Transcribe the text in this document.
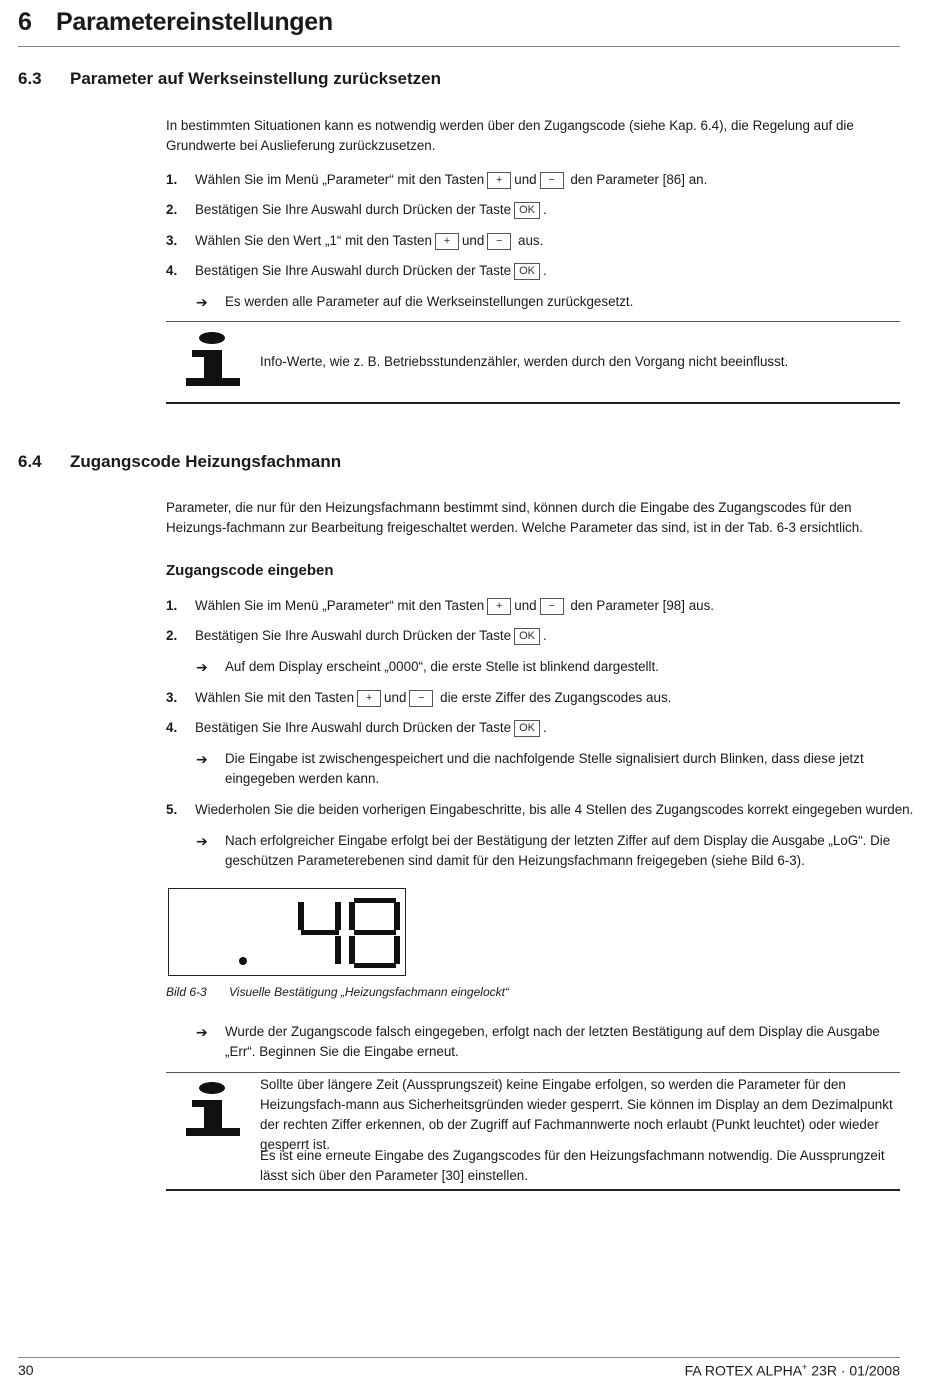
6 Parametereinstellungen
6.3 Parameter auf Werkseinstellung zurücksetzen
In bestimmten Situationen kann es notwendig werden über den Zugangscode (siehe Kap. 6.4), die Regelung auf die Grundwerte bei Auslieferung zurückzusetzen.
1. Wählen Sie im Menü „Parameter“ mit den Tasten + und − den Parameter [86] an.
2. Bestätigen Sie Ihre Auswahl durch Drücken der Taste OK .
3. Wählen Sie den Wert „1“ mit den Tasten + und − aus.
4. Bestätigen Sie Ihre Auswahl durch Drücken der Taste OK .
➔ Es werden alle Parameter auf die Werkseinstellungen zurückgesetzt.
Info-Werte, wie z. B. Betriebsstundenzähler, werden durch den Vorgang nicht beeinflusst.
6.4 Zugangscode Heizungsfachmann
Parameter, die nur für den Heizungsfachmann bestimmt sind, können durch die Eingabe des Zugangscodes für den Heizungs-fachmann zur Bearbeitung freigeschaltet werden. Welche Parameter das sind, ist in der Tab. 6-3 ersichtlich.
Zugangscode eingeben
1. Wählen Sie im Menü „Parameter“ mit den Tasten + und − den Parameter [98] aus.
2. Bestätigen Sie Ihre Auswahl durch Drücken der Taste OK .
➔ Auf dem Display erscheint „0000“, die erste Stelle ist blinkend dargestellt.
3. Wählen Sie mit den Tasten + und − die erste Ziffer des Zugangscodes aus.
4. Bestätigen Sie Ihre Auswahl durch Drücken der Taste OK .
➔ Die Eingabe ist zwischengespeichert und die nachfolgende Stelle signalisiert durch Blinken, dass diese jetzt eingegeben werden kann.
5. Wiederholen Sie die beiden vorherigen Eingabeschritte, bis alle 4 Stellen des Zugangscodes korrekt eingegeben wurden.
➔ Nach erfolgreicher Eingabe erfolgt bei der Bestätigung der letzten Ziffer auf dem Display die Ausgabe „LoG“. Die geschützen Parameterebenen sind damit für den Heizungsfachmann freigegeben (siehe Bild 6-3).
Bild 6-3 Visuelle Bestätigung „Heizungsfachmann eingelockt“
➔ Wurde der Zugangscode falsch eingegeben, erfolgt nach der letzten Bestätigung auf dem Display die Ausgabe „Err“. Beginnen Sie die Eingabe erneut.
Sollte über längere Zeit (Aussprungszeit) keine Eingabe erfolgen, so werden die Parameter für den Heizungsfach-mann aus Sicherheitsgründen wieder gesperrt. Sie können im Display an dem Dezimalpunkt der rechten Ziffer erkennen, ob der Zugriff auf Fachmannwerte noch erlaubt (Punkt leuchtet) oder wieder gesperrt ist.
Es ist eine erneute Eingabe des Zugangscodes für den Heizungsfachmann notwendig. Die Aussprungzeit lässt sich über den Parameter [30] einstellen.
30	FA ROTEX ALPHA+ 23R · 01/2008
